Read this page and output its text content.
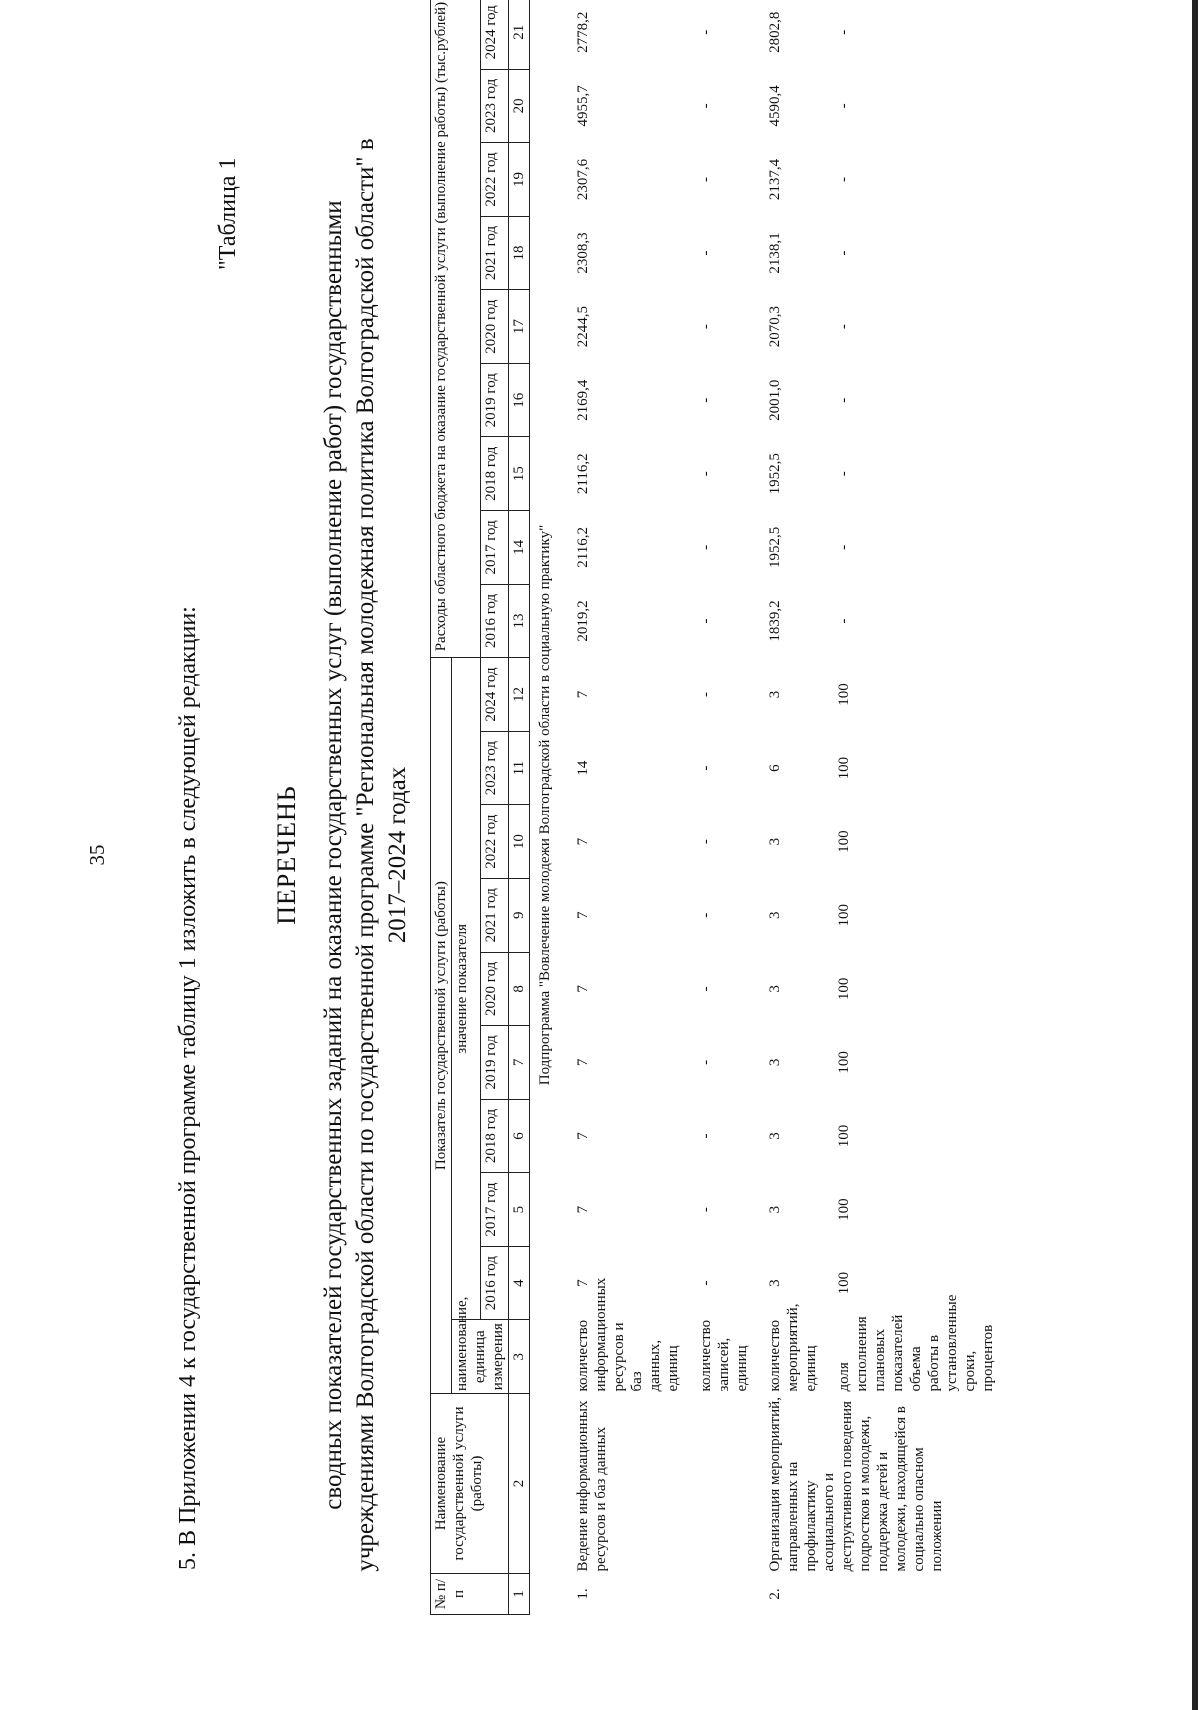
35	5. В Приложении 4 к государственной программе таблицу 1 изложить в следующей редакции:
"Таблица 1
ПЕРЕЧЕНЬ сводных показателей государственных заданий на оказание государственных услуг (выполнение работ) государственными учреждениями Волгоградской области по государственной программе "Региональная молодежная политика Волгоградской области" в 2017–2024 годах
№ п/п	Наименование государственной услуги (работы)	Показатель государственной услуги (работы)										Расходы областного бюджета на оказание государственной услуги (выполнение работы) (тыс.рублей)								
		наименование, единица измерения	значение показателя																	
			2016 год	2017 год	2018 год	2019 год	2020 год	2021 год	2022 год	2023 год	2024 год	2016 год	2017 год	2018 год	2019 год	2020 год	2021 год	2022 год	2023 год	2024 год
1	2	3	4	5	6	7	8	9	10	11	12	13	14	15	16	17	18	19	20	21
Подпрограмма "Вовлечение молодежи Волгоградской области в социальную практику"																				
1.	Ведение информационных ресурсов и баз данных	количество информационных ресурсов и баз данных, единиц	7	7	7	7	7	7	7	14	7	2019,2	2116,2	2116,2	2169,4	2244,5	2308,3	2307,6	4955,7	2778,2
		количество записей, единиц	-	-	-	-	-	-	-	-	-	-	-	-	-	-	-	-	-	-
2.	Организация мероприятий, направленных на профилактику асоциального и деструктивного поведения подростков и молодежи, поддержка детей и молодежи, находящейся в социально опасном положении	количество мероприятий, единиц	3	3	3	3	3	3	3	6	3	1839,2	1952,5	1952,5	2001,0	2070,3	2138,1	2137,4	4590,4	2802,8
		доля исполнения плановых показателей объема работы в установленные сроки, процентов	100	100	100	100	100	100	100	100	100	-	-	-	-	-	-	-	-	-
